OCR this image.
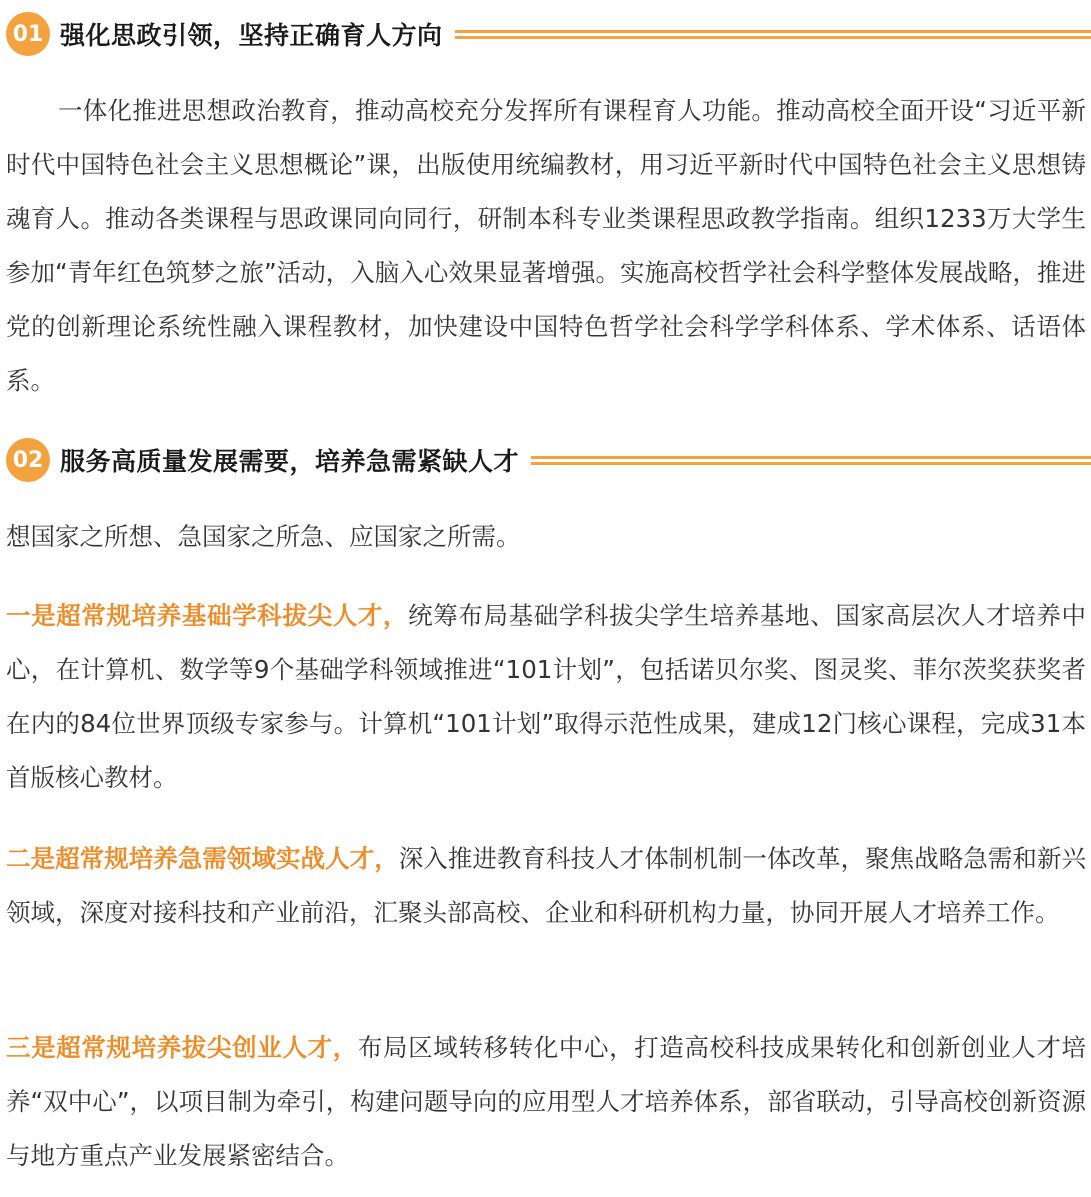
01 强化思政引领，坚持正确育人方向

一体化推进思想政治教育，推动高校充分发挥所有课程育人功能。推动高校全面开设“习近平新时代中国特色社会主义思想概论”课，出版使用统编教材，用习近平新时代中国特色社会主义思想铸魂育人。推动各类课程与思政课同向同行，研制本科专业类课程思政教学指南。组织1233万大学生参加“青年红色筑梦之旅”活动，入脑入心效果显著增强。实施高校哲学社会科学整体发展战略，推进党的创新理论系统性融入课程教材，加快建设中国特色哲学社会科学学科体系、学术体系、话语体系。

02 服务高质量发展需要，培养急需紧缺人才

想国家之所想、急国家之所急、应国家之所需。

一是超常规培养基础学科拔尖人才，统筹布局基础学科拔尖学生培养基地、国家高层次人才培养中心，在计算机、数学等9个基础学科领域推进“101计划”，包括诺贝尔奖、图灵奖、菲尔茨奖获奖者在内的84位世界顶级专家参与。计算机“101计划”取得示范性成果，建成12门核心课程，完成31本首版核心教材。

二是超常规培养急需领域实战人才，深入推进教育科技人才体制机制一体改革，聚焦战略急需和新兴领域，深度对接科技和产业前沿，汇聚头部高校、企业和科研机构力量，协同开展人才培养工作。

三是超常规培养拔尖创业人才，布局区域转移转化中心，打造高校科技成果转化和创新创业人才培养“双中心”，以项目制为牵引，构建问题导向的应用型人才培养体系，部省联动，引导高校创新资源与地方重点产业发展紧密结合。
